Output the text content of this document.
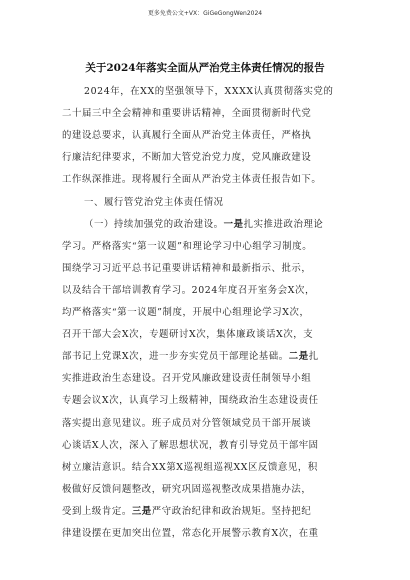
更多免费公文+VX：GiGeGongWen2024
关于2024年落实全面从严治党主体责任情况的报告
2024年，在XX的坚强领导下，XXXX认真贯彻落实党的
二十届三中全会精神和重要讲话精神，全面贯彻新时代党
的建设总要求，认真履行全面从严治党主体责任，严格执
行廉洁纪律要求，不断加大管党治党力度，党风廉政建设
工作纵深推进。现将履行全面从严治党主体责任报告如下。
一、履行管党治党主体责任情况
（一）持续加强党的政治建设。一是扎实推进政治理论
学习。严格落实“第一议题”和理论学习中心组学习制度。
围绕学习习近平总书记重要讲话精神和最新指示、批示，
以及结合干部培训教育学习。2024年度召开室务会X次，
均严格落实“第一议题”制度，开展中心组理论学习X次，
召开干部大会X次，专题研讨X次，集体廉政谈话X次，支
部书记上党课X次，进一步夯实党员干部理论基础。二是扎
实推进政治生态建设。召开党风廉政建设责任制领导小组
专题会议X次，认真学习上级精神，围绕政治生态建设责任
落实提出意见建议。班子成员对分管领域党员干部开展谈
心谈话X人次，深入了解思想状况，教育引导党员干部牢固
树立廉洁意识。结合XX第X巡视组巡视XX区反馈意见，积
极做好反馈问题整改，研究巩固巡视整改成果措施办法，
受到上级肯定。三是严守政治纪律和政治规矩。坚持把纪
律建设摆在更加突出位置，常态化开展警示教育X次，在重
